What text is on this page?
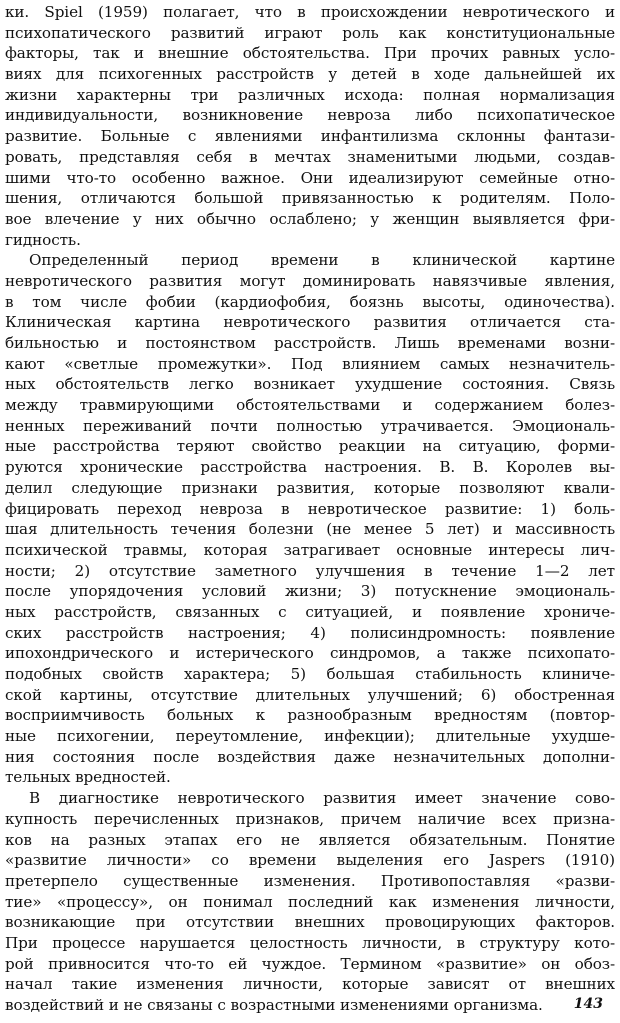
ки. Spiel (1959) полагает, что в происхождении невротического и
психопатического развитий играют роль как конституциональные
факторы, так и внешние обстоятельства. При прочих равных усло-
виях для психогенных расстройств у детей в ходе дальнейшей их
жизни характерны три различных исхода: полная нормализация
индивидуальности, возникновение невроза либо психопатическое
развитие. Больные с явлениями инфантилизма склонны фантази-
ровать, представляя себя в мечтах знаменитыми людьми, создав-
шими что-то особенно важное. Они идеализируют семейные отно-
шения, отличаются большой привязанностью к родителям. Поло-
вое влечение у них обычно ослаблено; у женщин выявляется фри-
гидность.
Определенный период времени в клинической картине
невротического развития могут доминировать навязчивые явления,
в том числе фобии (кардиофобия, боязнь высоты, одиночества).
Клиническая картина невротического развития отличается ста-
бильностью и постоянством расстройств. Лишь временами возни-
кают «светлые промежутки». Под влиянием самых незначитель-
ных обстоятельств легко возникает ухудшение состояния. Связь
между травмирующими обстоятельствами и содержанием болез-
ненных переживаний почти полностью утрачивается. Эмоциональ-
ные расстройства теряют свойство реакции на ситуацию, форми-
руются хронические расстройства настроения. В. В. Королев вы-
делил следующие признаки развития, которые позволяют квали-
фицировать переход невроза в невротическое развитие: 1) боль-
шая длительность течения болезни (не менее 5 лет) и массивность
психической травмы, которая затрагивает основные интересы лич-
ности; 2) отсутствие заметного улучшения в течение 1—2 лет
после упорядочения условий жизни; 3) потускнение эмоциональ-
ных расстройств, связанных с ситуацией, и появление хрониче-
ских расстройств настроения; 4) полисиндромность: появление
ипохондрического и истерического синдромов, а также психопато-
подобных свойств характера; 5) большая стабильность клиниче-
ской картины, отсутствие длительных улучшений; 6) обостренная
восприимчивость больных к разнообразным вредностям (повтор-
ные психогении, переутомление, инфекции); длительные ухудше-
ния состояния после воздействия даже незначительных дополни-
тельных вредностей.
В диагностике невротического развития имеет значение сово-
купность перечисленных признаков, причем наличие всех призна-
ков на разных этапах его не является обязательным. Понятие
«развитие личности» со времени выделения его Jaspers (1910)
претерпело существенные изменения. Противопоставляя «разви-
тие» «процессу», он понимал последний как изменения личности,
возникающие при отсутствии внешних провоцирующих факторов.
При процессе нарушается целостность личности, в структуру кото-
рой привносится что-то ей чуждое. Термином «развитие» он обоз-
начал такие изменения личности, которые зависят от внешних
воздействий и не связаны с возрастными изменениями организма.	143
